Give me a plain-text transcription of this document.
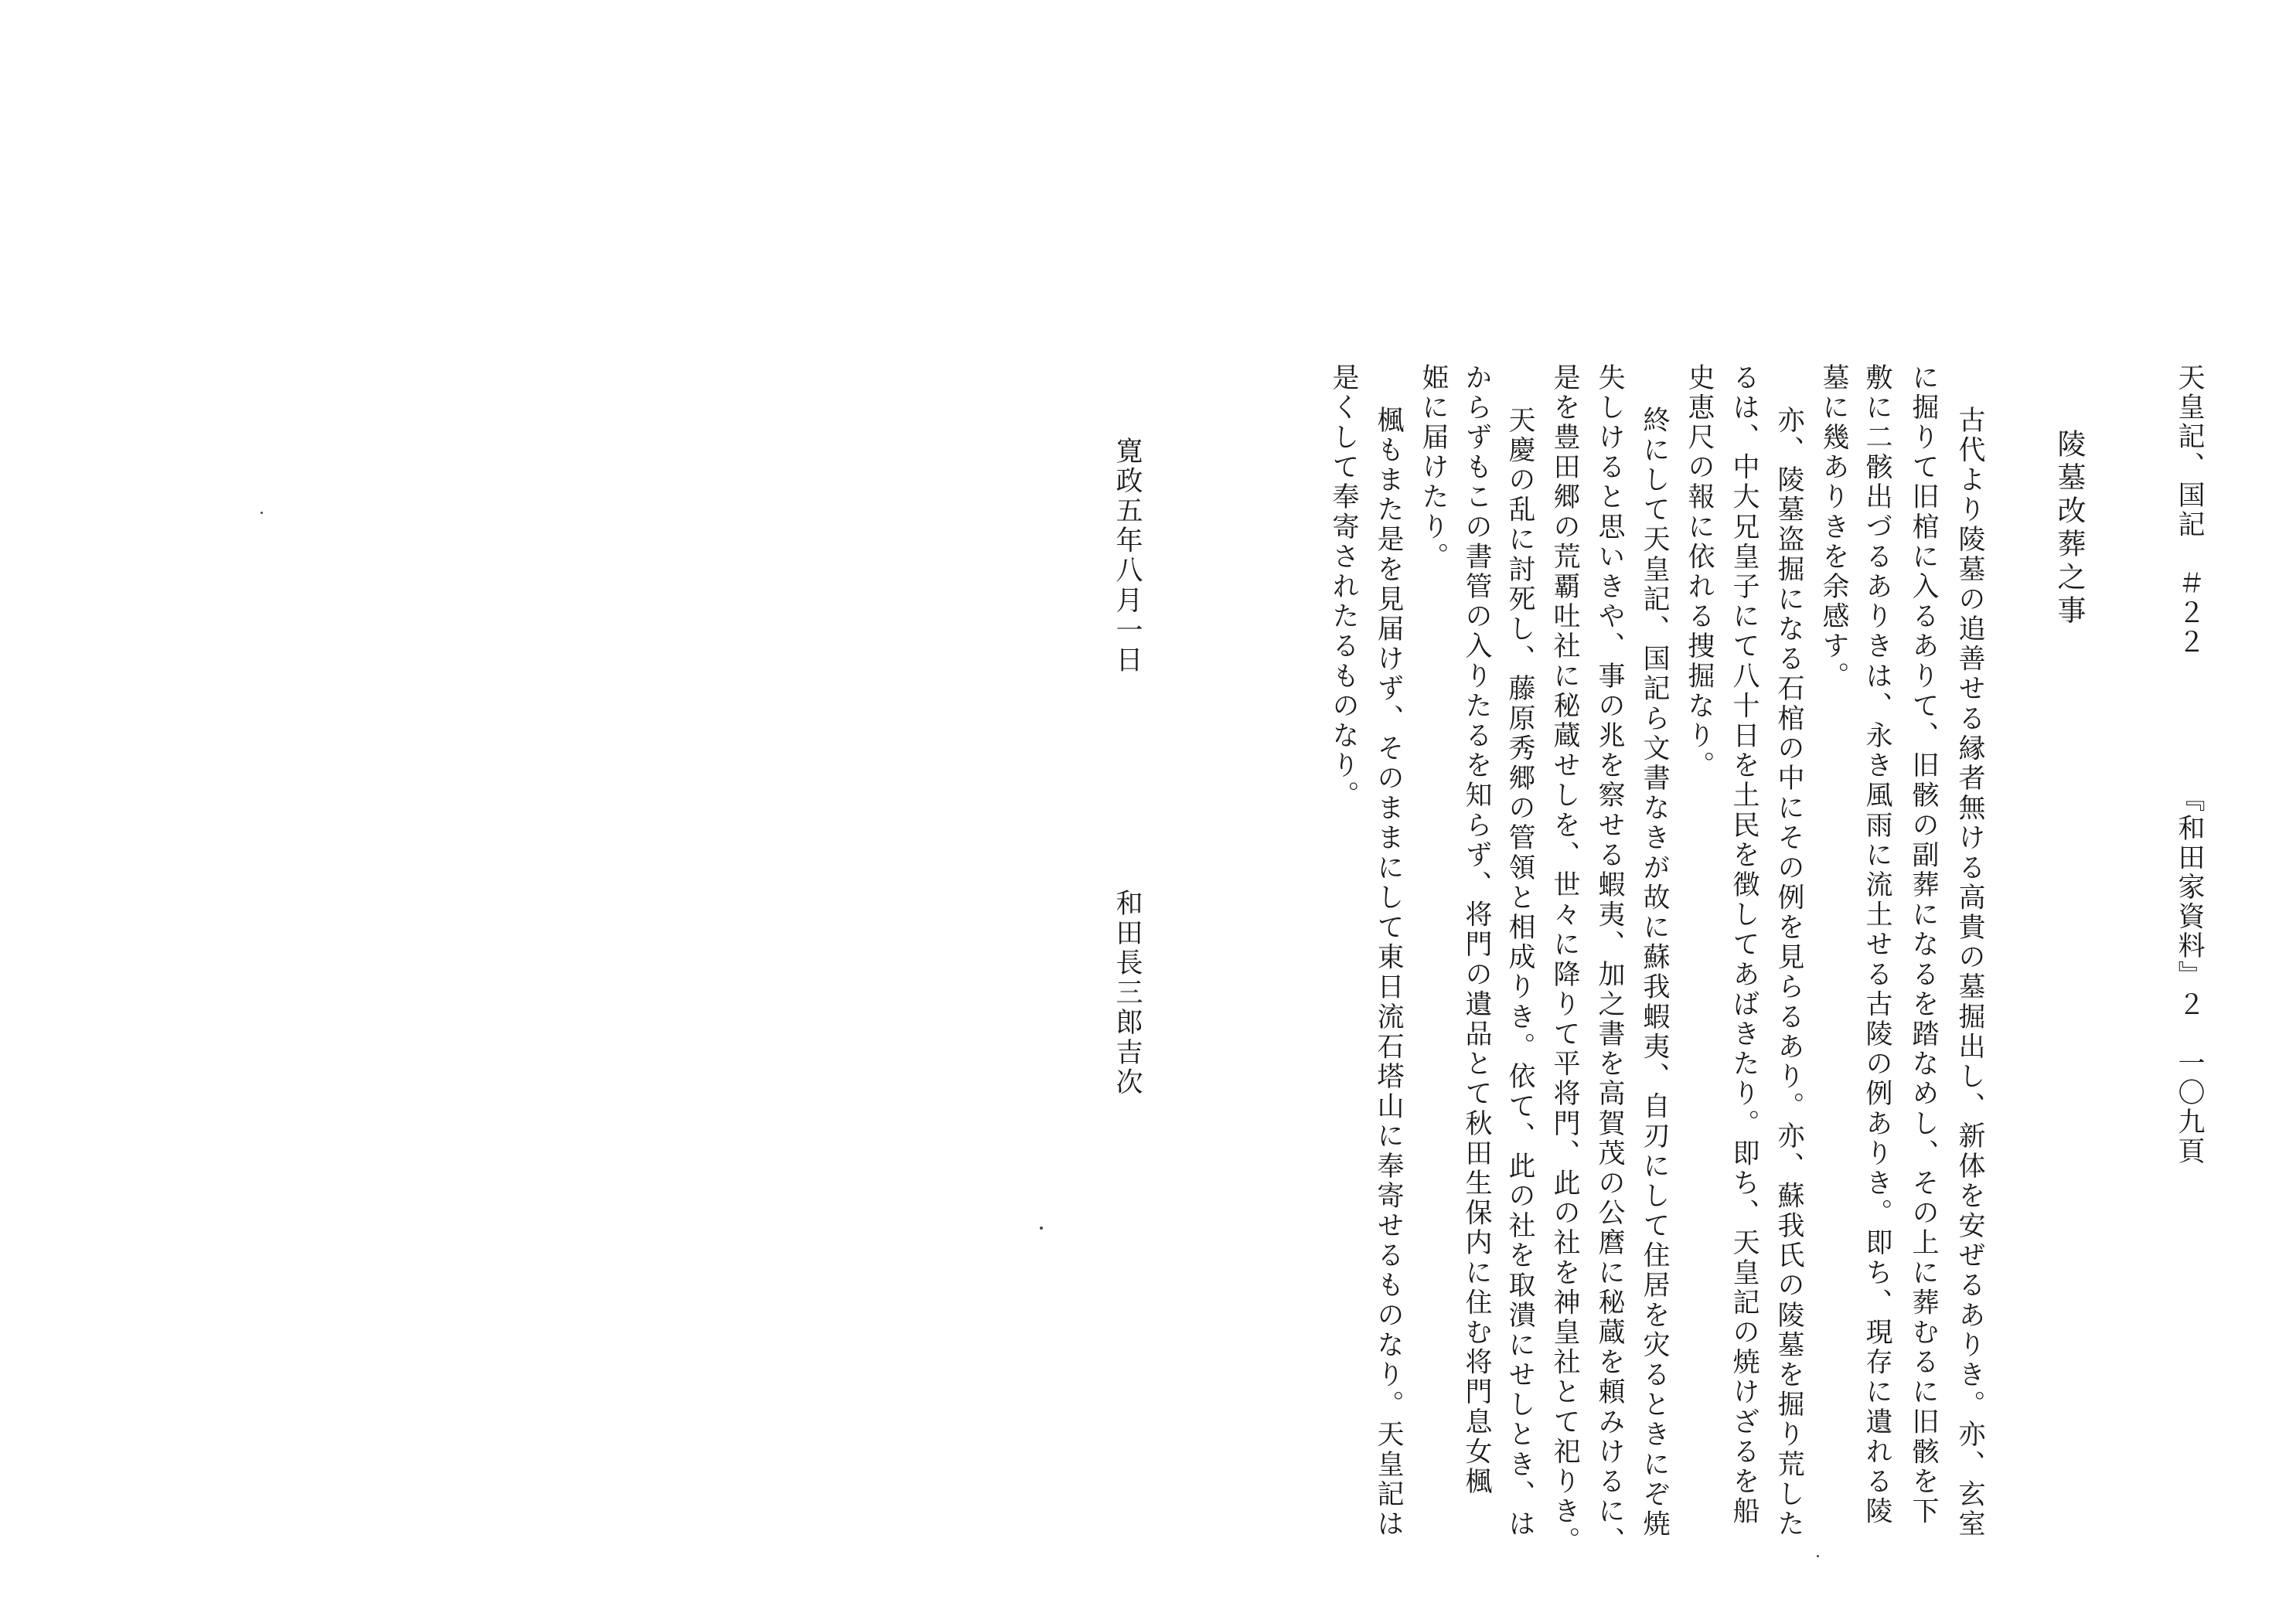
天皇記、国記　＃２２
『和田家資料』２　一〇九頁
陵墓改葬之事
古代より陵墓の追善せる縁者無ける高貴の墓掘出し、新体を安ぜるありき。亦、玄室
に掘りて旧棺に入るありて、旧骸の副葬になるを踏なめし、その上に葬むるに旧骸を下
敷に二骸出づるありきは、永き風雨に流土せる古陵の例ありき。即ち、現存に遺れる陵
墓に幾ありきを余感す。
亦、陵墓盗掘になる石棺の中にその例を見らるあり。亦、蘇我氏の陵墓を掘り荒した
るは、中大兄皇子にて八十日を土民を徴してあばきたり。即ち、天皇記の焼けざるを船
史恵尺の報に依れる捜掘なり。
終にして天皇記、国記ら文書なきが故に蘇我蝦夷、自刃にして住居を灾るときにぞ焼
失しけると思いきや、事の兆を察せる蝦夷、加之書を高賀茂の公麿に秘蔵を頼みけるに、
是を豊田郷の荒覇吐社に秘蔵せしを、世々に降りて平将門、此の社を神皇社とて祀りき。
天慶の乱に討死し、藤原秀郷の管領と相成りき。依て、此の社を取潰にせしとき、は
からずもこの書管の入りたるを知らず、将門の遺品とて秋田生保内に住む将門息女楓
姫に届けたり。
楓もまた是を見届けず、そのままにして東日流石塔山に奉寄せるものなり。天皇記は
是くして奉寄されたるものなり。
寛政五年八月一日
和田長三郎吉次
